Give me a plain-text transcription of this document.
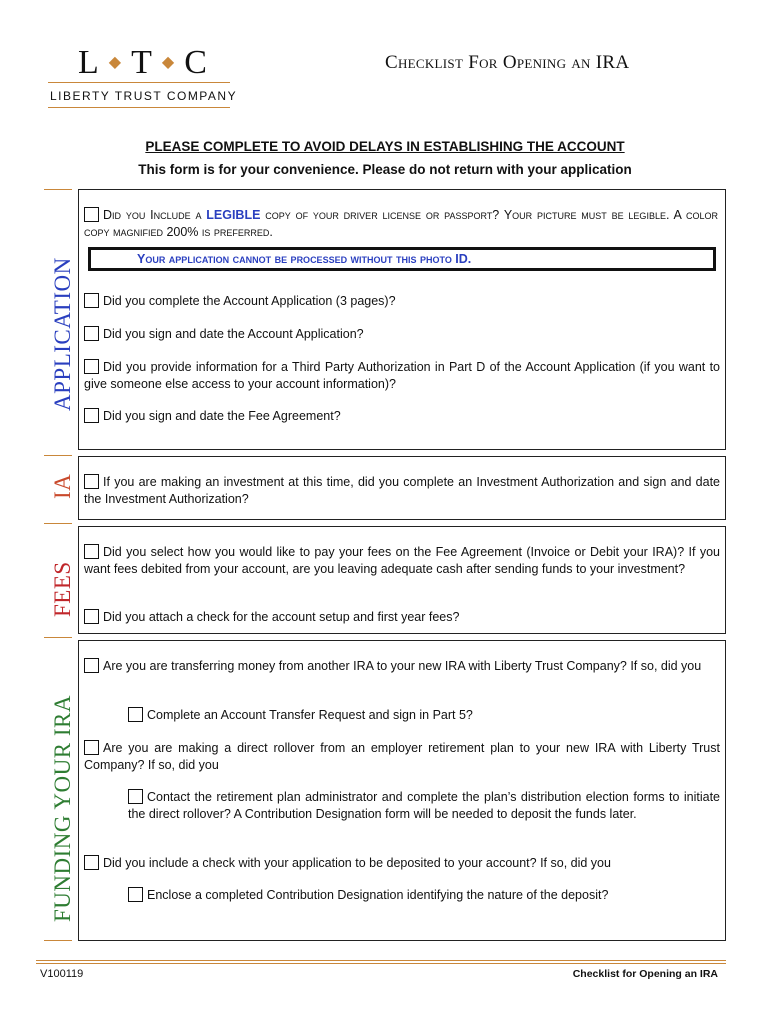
L ◆ T ◆ C
LIBERTY TRUST COMPANY
Checklist For Opening an IRA
PLEASE COMPLETE TO AVOID DELAYS IN ESTABLISHING THE ACCOUNT
This form is for your convenience. Please do not return with your application
APPLICATION
IA
FEES
FUNDING YOUR IRA
Did you Include a LEGIBLE copy of your driver license or passport? Your picture must be legible. A color copy magnified 200% is preferred.
Your application cannot be processed without this photo ID.
Did you complete the Account Application (3 pages)?
Did you sign and date the Account Application?
Did you provide information for a Third Party Authorization in Part D of the Account Application (if you want to give someone else access to your account information)?
Did you sign and date the Fee Agreement?
If you are making an investment at this time, did you complete an Investment Authorization and sign and date the Investment Authorization?
Did you select how you would like to pay your fees on the Fee Agreement (Invoice or Debit your IRA)? If you want fees debited from your account, are you leaving adequate cash after sending funds to your investment?
Did you attach a check for the account setup and first year fees?
Are you are transferring money from another IRA to your new IRA with Liberty Trust Company? If so, did you
Complete an Account Transfer Request and sign in Part 5?
Are you are making a direct rollover from an employer retirement plan to your new IRA with Liberty Trust Company? If so, did you
Contact the retirement plan administrator and complete the plan’s distribution election forms to initiate the direct rollover? A Contribution Designation form will be needed to deposit the funds later.
Did you include a check with your application to be deposited to your account? If so, did you
Enclose a completed Contribution Designation identifying the nature of the deposit?
V100119	Checklist for Opening an IRA
